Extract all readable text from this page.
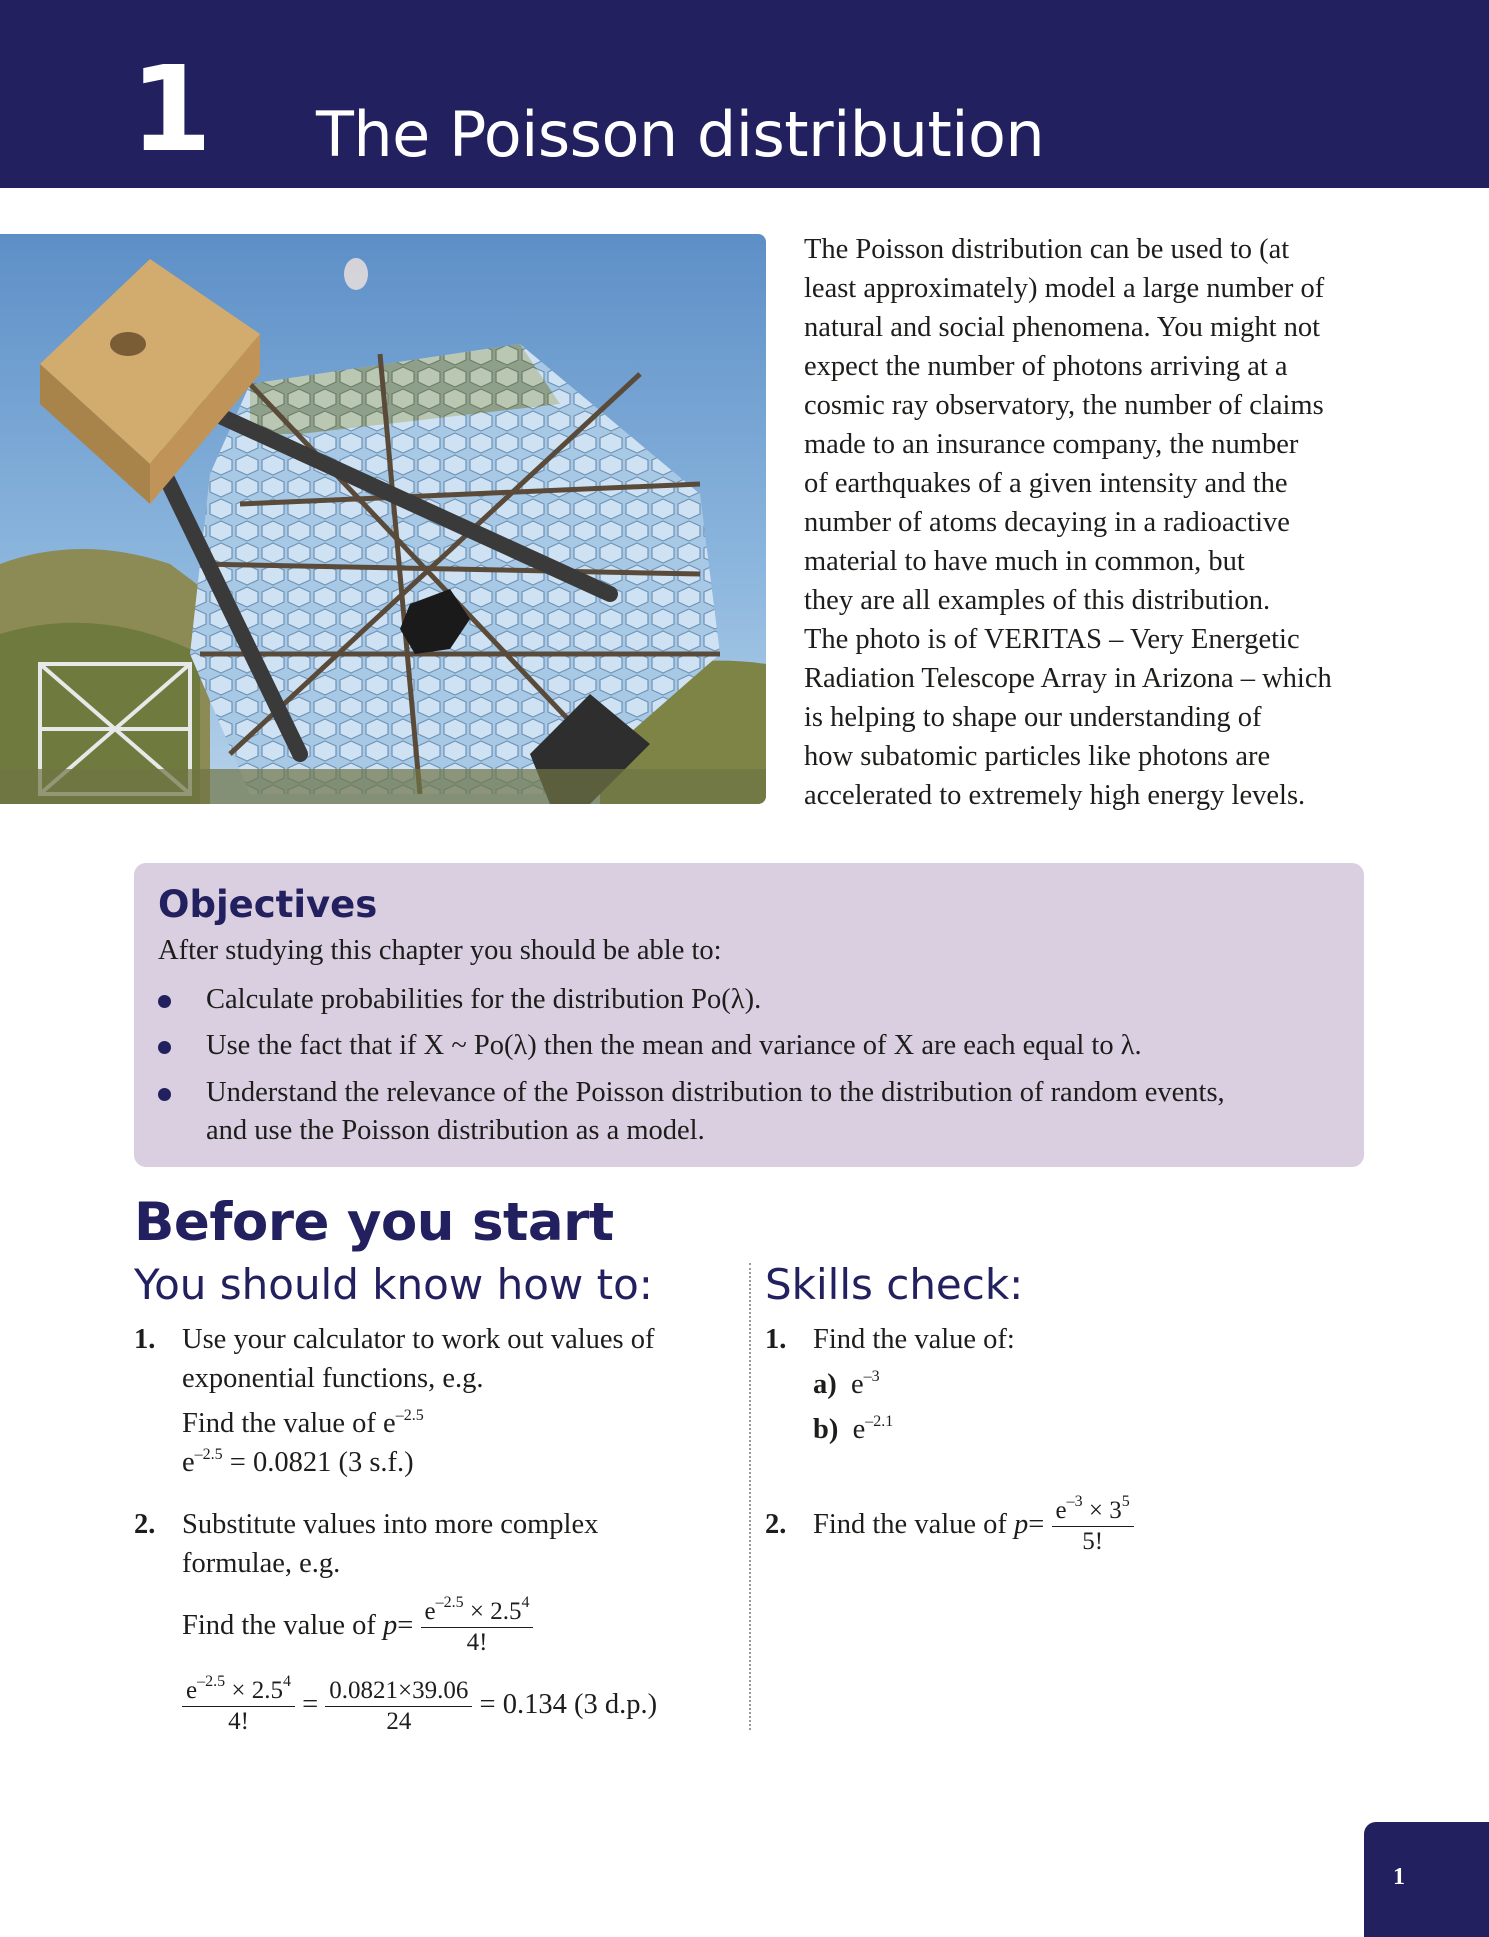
1 The Poisson distribution
The Poisson distribution can be used to (at
least approximately) model a large number of
natural and social phenomena. You might not
expect the number of photons arriving at a
cosmic ray observatory, the number of claims
made to an insurance company, the number
of earthquakes of a given intensity and the
number of atoms decaying in a radioactive
material to have much in common, but
they are all examples of this distribution.
The photo is of VERITAS – Very Energetic
Radiation Telescope Array in Arizona – which
is helping to shape our understanding of
how subatomic particles like photons are
accelerated to extremely high energy levels.
Objectives
After studying this chapter you should be able to:
Calculate probabilities for the distribution Po(λ).
Use the fact that if X ~ Po(λ) then the mean and variance of X are each equal to λ.
Understand the relevance of the Poisson distribution to the distribution of random events,
and use the Poisson distribution as a model.
Before you start
You should know how to:	Skills check:
1. Use your calculator to work out values of
exponential functions, e.g.
Find the value of $e^{-2.5}$
$e^{-2.5} = 0.0821$ (3 s.f.)
2. Substitute values into more complex
formulae, e.g.
Find the value of $p= \frac{e^{-2.5} \times 2.5^4}{4!}$
$\frac{e^{-2.5} \times 2.5^4}{4!} = \frac{0.0821\times 39.06}{24} = 0.134$ (3 d.p.)
1. Find the value of:
a) $e^{-3}$
b) $e^{-2.1}$
2. Find the value of $p= \frac{e^{-3} \times 3^5}{5!}$
1
